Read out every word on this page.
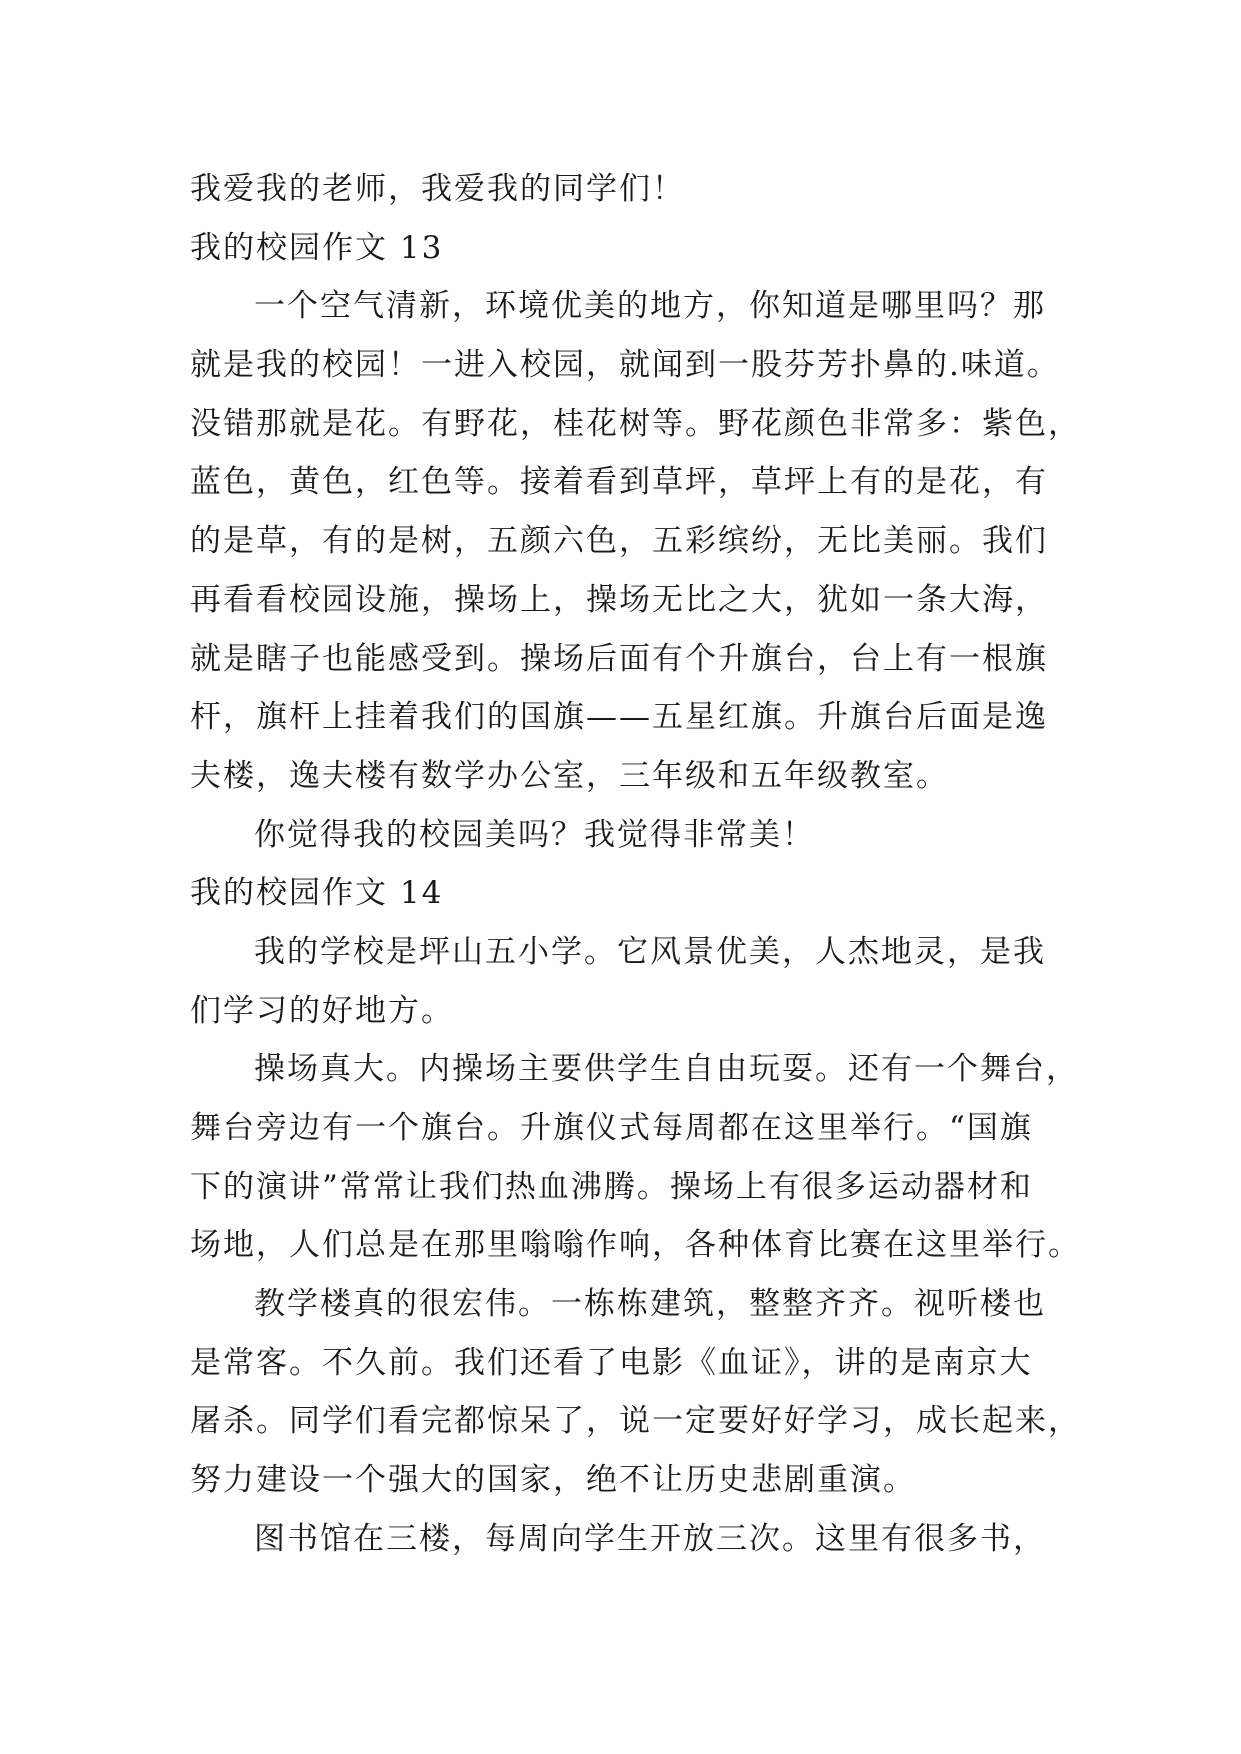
我爱我的老师，我爱我的同学们！
我的校园作文 13
一个空气清新，环境优美的地方，你知道是哪里吗？那
就是我的校园！一进入校园，就闻到一股芬芳扑鼻的.味道。
没错那就是花。有野花，桂花树等。野花颜色非常多：紫色，
蓝色，黄色，红色等。接着看到草坪，草坪上有的是花，有
的是草，有的是树，五颜六色，五彩缤纷，无比美丽。我们
再看看校园设施，操场上，操场无比之大，犹如一条大海，
就是瞎子也能感受到。操场后面有个升旗台，台上有一根旗
杆，旗杆上挂着我们的国旗——五星红旗。升旗台后面是逸
夫楼，逸夫楼有数学办公室，三年级和五年级教室。
你觉得我的校园美吗？我觉得非常美！
我的校园作文 14
我的学校是坪山五小学。它风景优美，人杰地灵，是我
们学习的好地方。
操场真大。内操场主要供学生自由玩耍。还有一个舞台，
舞台旁边有一个旗台。升旗仪式每周都在这里举行。“国旗
下的演讲”常常让我们热血沸腾。操场上有很多运动器材和
场地，人们总是在那里嗡嗡作响，各种体育比赛在这里举行。
教学楼真的很宏伟。一栋栋建筑，整整齐齐。视听楼也
是常客。不久前。我们还看了电影《血证》，讲的是南京大
屠杀。同学们看完都惊呆了，说一定要好好学习，成长起来，
努力建设一个强大的国家，绝不让历史悲剧重演。
图书馆在三楼，每周向学生开放三次。这里有很多书，
